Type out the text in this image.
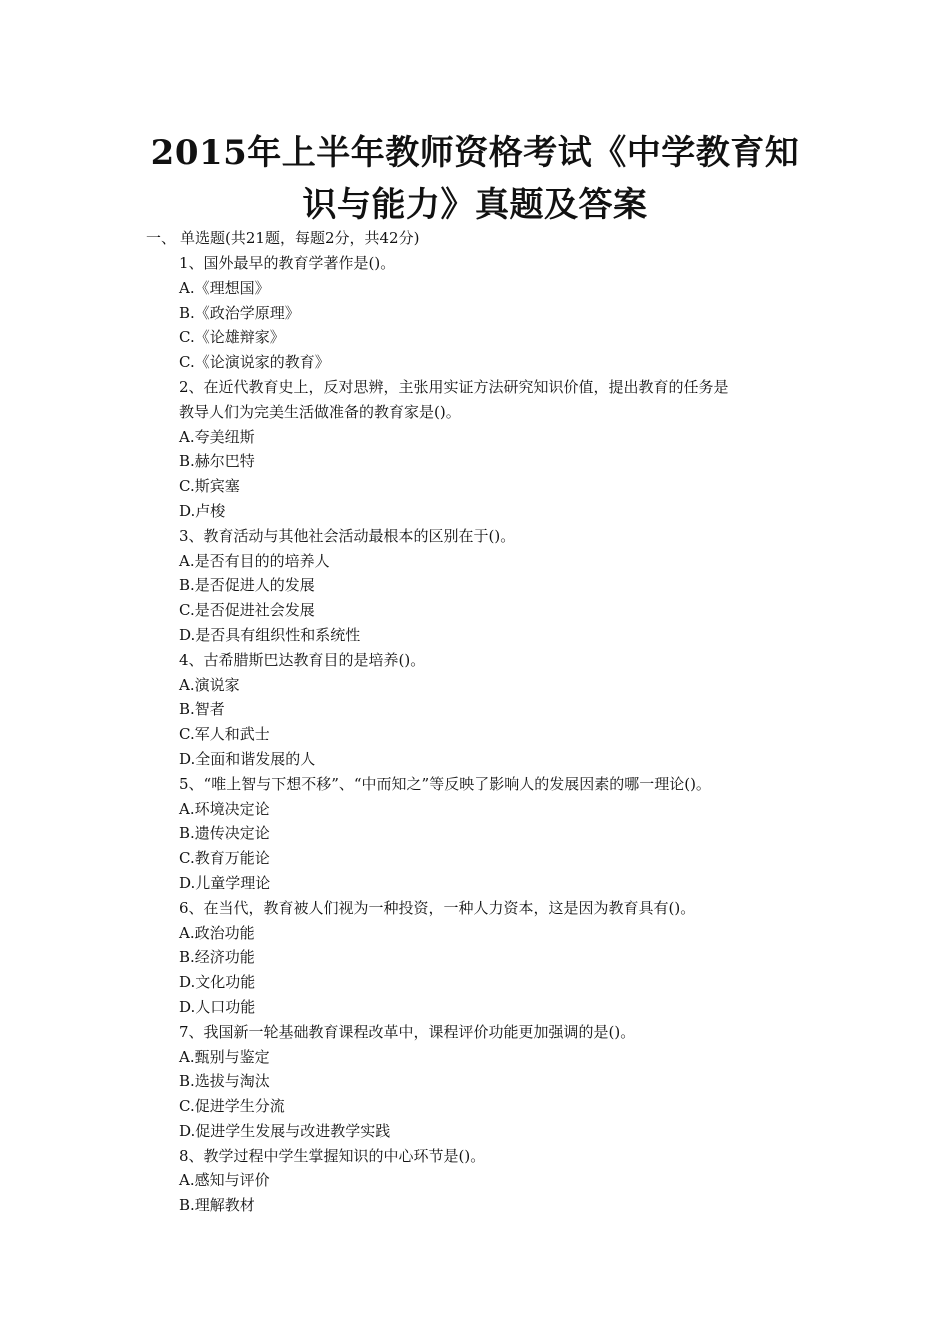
2015年上半年教师资格考试《中学教育知
识与能力》真题及答案
一、 单选题(共21题，每题2分，共42分)
1、国外最早的教育学著作是()。
A.《理想国》
B.《政治学原理》
C.《论雄辩家》
C.《论演说家的教育》
2、在近代教育史上，反对思辨，主张用实证方法研究知识价值，提出教育的任务是
教导人们为完美生活做准备的教育家是()。
A.夸美纽斯
B.赫尔巴特
C.斯宾塞
D.卢梭
3、教育活动与其他社会活动最根本的区别在于()。
A.是否有目的的培养人
B.是否促进人的发展
C.是否促进社会发展
D.是否具有组织性和系统性
4、古希腊斯巴达教育目的是培养()。
A.演说家
B.智者
C.军人和武士
D.全面和谐发展的人
5、“唯上智与下想不移”、“中而知之”等反映了影响人的发展因素的哪一理论()。
A.环境决定论
B.遗传决定论
C.教育万能论
D.儿童学理论
6、在当代，教育被人们视为一种投资，一种人力资本，这是因为教育具有()。
A.政治功能
B.经济功能
D.文化功能
D.人口功能
7、我国新一轮基础教育课程改革中，课程评价功能更加强调的是()。
A.甄别与鉴定
B.选拔与淘汰
C.促进学生分流
D.促进学生发展与改进教学实践
8、教学过程中学生掌握知识的中心环节是()。
A.感知与评价
B.理解教材
